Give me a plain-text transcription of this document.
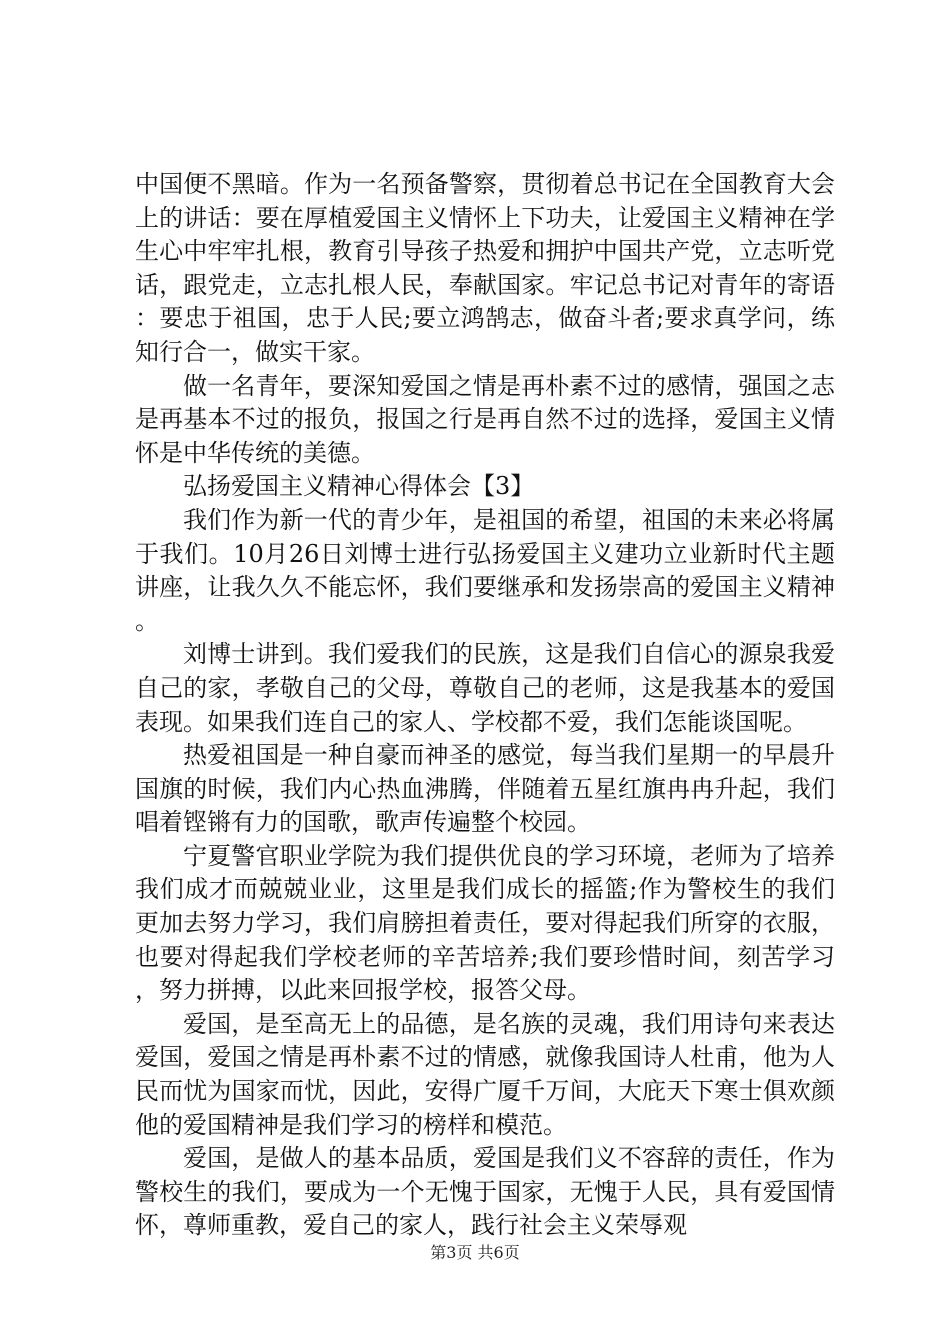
中国便不黑暗。作为一名预备警察，贯彻着总书记在全国教育大会上的讲话：要在厚植爱国主义情怀上下功夫，让爱国主义精神在学生心中牢牢扎根，教育引导孩子热爱和拥护中国共产党，立志听党话，跟党走，立志扎根人民，奉献国家。牢记总书记对青年的寄语：要忠于祖国，忠于人民;要立鸿鹄志，做奋斗者;要求真学问，练知行合一，做实干家。

做一名青年，要深知爱国之情是再朴素不过的感情，强国之志是再基本不过的报负，报国之行是再自然不过的选择，爱国主义情怀是中华传统的美德。

弘扬爱国主义精神心得体会【3】

我们作为新一代的青少年，是祖国的希望，祖国的未来必将属于我们。10月26日刘博士进行弘扬爱国主义建功立业新时代主题讲座，让我久久不能忘怀，我们要继承和发扬崇高的爱国主义精神。

刘博士讲到。我们爱我们的民族，这是我们自信心的源泉我爱自己的家，孝敬自己的父母，尊敬自己的老师，这是我基本的爱国表现。如果我们连自己的家人、学校都不爱，我们怎能谈国呢。

热爱祖国是一种自豪而神圣的感觉，每当我们星期一的早晨升国旗的时候，我们内心热血沸腾，伴随着五星红旗冉冉升起，我们唱着铿锵有力的国歌，歌声传遍整个校园。

宁夏警官职业学院为我们提供优良的学习环境，老师为了培养我们成才而兢兢业业，这里是我们成长的摇篮;作为警校生的我们更加去努力学习，我们肩膀担着责任，要对得起我们所穿的衣服，也要对得起我们学校老师的辛苦培养;我们要珍惜时间，刻苦学习，努力拼搏，以此来回报学校，报答父母。

爱国，是至高无上的品德，是名族的灵魂，我们用诗句来表达爱国，爱国之情是再朴素不过的情感，就像我国诗人杜甫，他为人民而忧为国家而忧，因此，安得广厦千万间，大庇天下寒士俱欢颜他的爱国精神是我们学习的榜样和模范。

爱国，是做人的基本品质，爱国是我们义不容辞的责任，作为警校生的我们，要成为一个无愧于国家，无愧于人民，具有爱国情怀，尊师重教，爱自己的家人，践行社会主义荣辱观

第3页 共6页
